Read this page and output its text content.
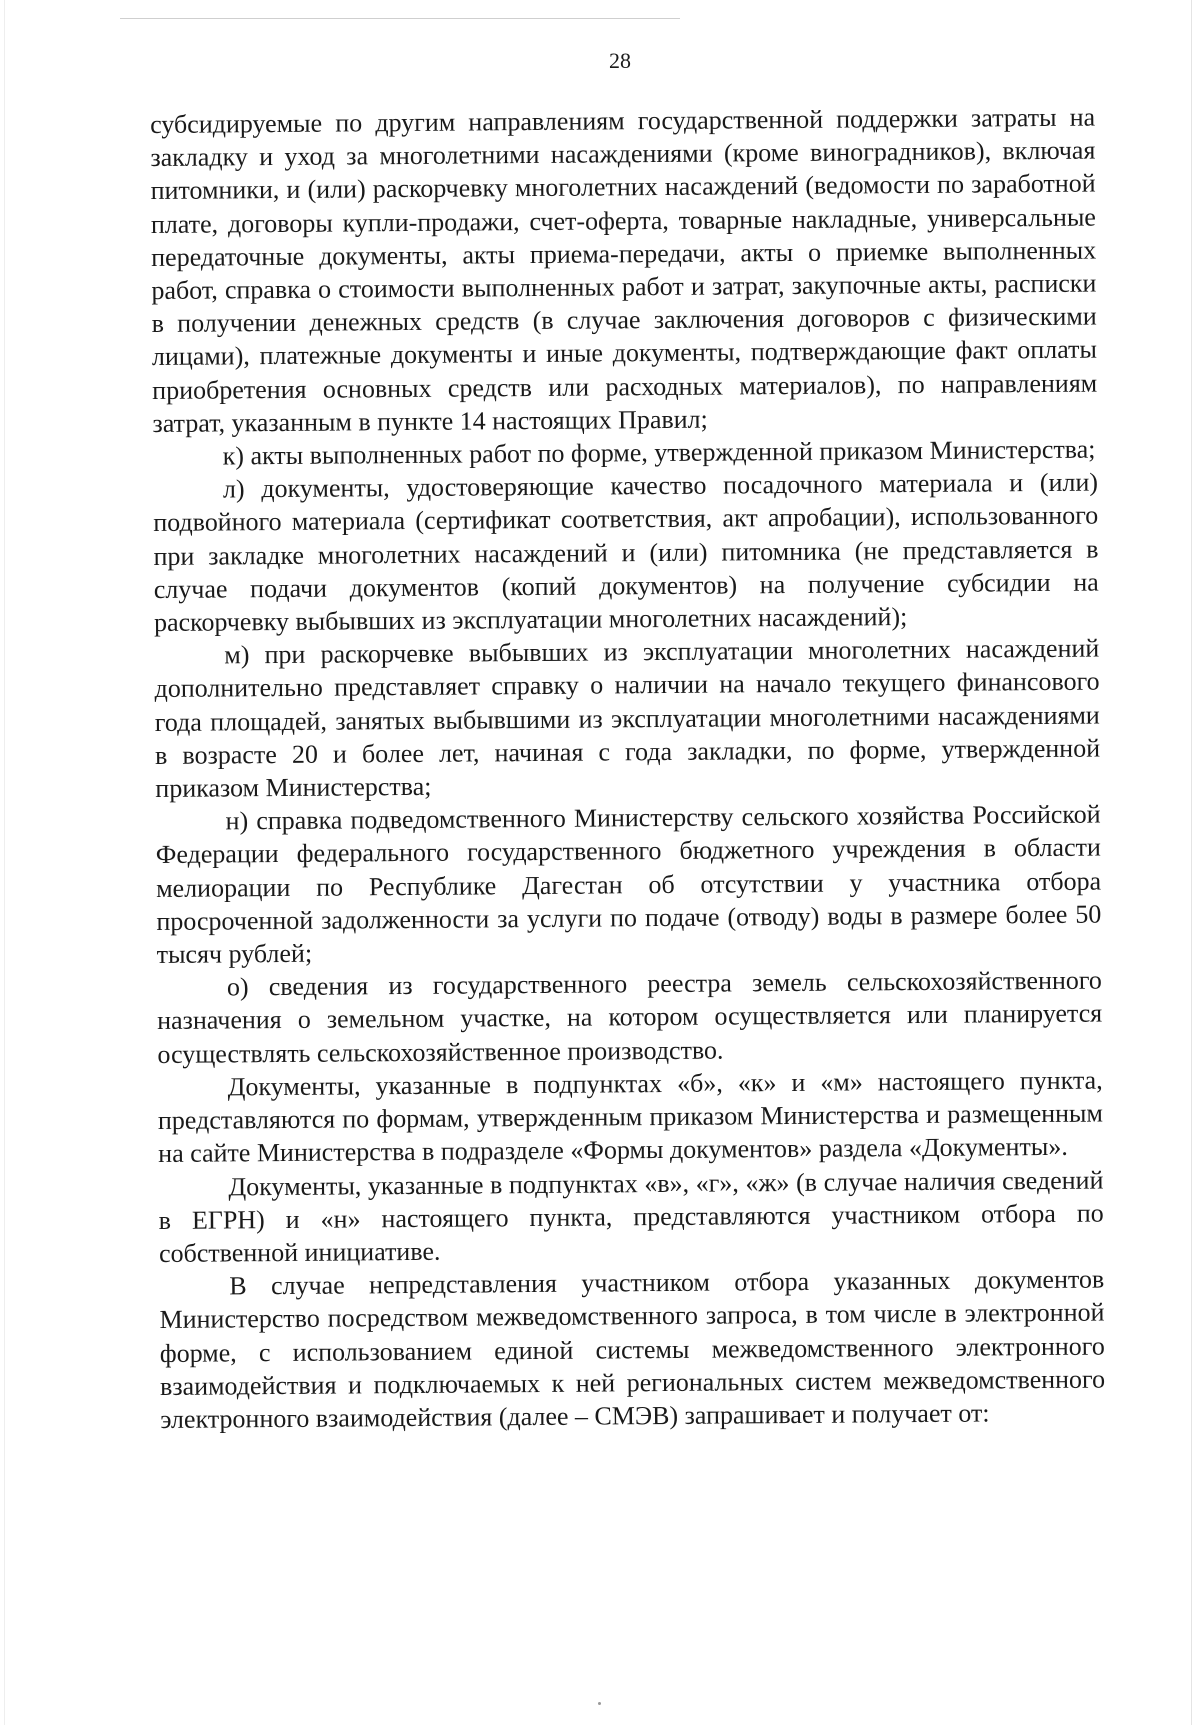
28

субсидируемые по другим направлениям государственной поддержки затраты на закладку и уход за многолетними насаждениями (кроме виноградников), включая питомники, и (или) раскорчевку многолетних насаждений (ведомости по заработной плате, договоры купли-продажи, счет-оферта, товарные накладные, универсальные передаточные документы, акты приема-передачи, акты о приемке выполненных работ, справка о стоимости выполненных работ и затрат, закупочные акты, расписки в получении денежных средств (в случае заключения договоров с физическими лицами), платежные документы и иные документы, подтверждающие факт оплаты приобретения основных средств или расходных материалов), по направлениям затрат, указанным в пункте 14 настоящих Правил;

к) акты выполненных работ по форме, утвержденной приказом Министерства;

л) документы, удостоверяющие качество посадочного материала и (или) подвойного материала (сертификат соответствия, акт апробации), использованного при закладке многолетних насаждений и (или) питомника (не представляется в случае подачи документов (копий документов) на получение субсидии на раскорчевку выбывших из эксплуатации многолетних насаждений);

м) при раскорчевке выбывших из эксплуатации многолетних насаждений дополнительно представляет справку о наличии на начало текущего финансового года площадей, занятых выбывшими из эксплуатации многолетними насаждениями в возрасте 20 и более лет, начиная с года закладки, по форме, утвержденной приказом Министерства;

н) справка подведомственного Министерству сельского хозяйства Российской Федерации федерального государственного бюджетного учреждения в области мелиорации по Республике Дагестан об отсутствии у участника отбора просроченной задолженности за услуги по подаче (отводу) воды в размере более 50 тысяч рублей;

о) сведения из государственного реестра земель сельскохозяйственного назначения о земельном участке, на котором осуществляется или планируется осуществлять сельскохозяйственное производство.

Документы, указанные в подпунктах «б», «к» и «м» настоящего пункта, представляются по формам, утвержденным приказом Министерства и размещенным на сайте Министерства в подразделе «Формы документов» раздела «Документы».

Документы, указанные в подпунктах «в», «г», «ж» (в случае наличия сведений в ЕГРН) и «н» настоящего пункта, представляются участником отбора по собственной инициативе.

В случае непредставления участником отбора указанных документов Министерство посредством межведомственного запроса, в том числе в электронной форме, с использованием единой системы межведомственного электронного взаимодействия и подключаемых к ней региональных систем межведомственного электронного взаимодействия (далее – СМЭВ) запрашивает и получает от:
